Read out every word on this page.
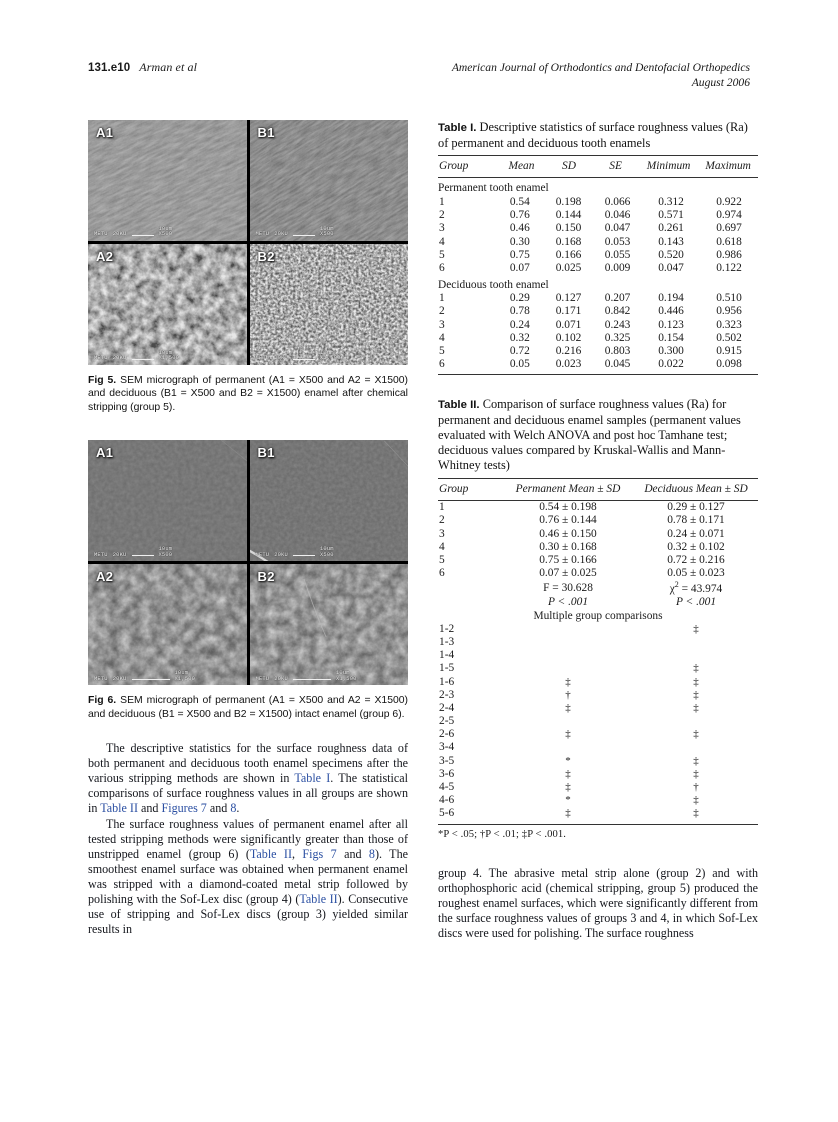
131.e10 Arman et al	American Journal of Orthodontics and Dentofacial Orthopedics
August 2006
A1
METU 20KU
10um
X500
B1
METU 20KU
10um
X500
A2
METU 20KU
10um
X1,500
B2
METU 20KU
10um
X1,500
Fig 5. SEM micrograph of permanent (A1 = X500 and A2 = X1500) and deciduous (B1 = X500 and B2 = X1500) enamel after chemical stripping (group 5).
A1
METU 20KU
10um
X500
B1
METU 20KU
10um
X500
A2
METU 20KU
10um
X1,500
B2
METU 20KU
10um
X1,500
Fig 6. SEM micrograph of permanent (A1 = X500 and A2 = X1500) and deciduous (B1 = X500 and B2 = X1500) intact enamel (group 6).

The descriptive statistics for the surface roughness data of both permanent and deciduous tooth enamel specimens after the various stripping methods are shown in Table I. The statistical comparisons of surface roughness values in all groups are shown in Table II and Figures 7 and 8.

The surface roughness values of permanent enamel after all tested stripping methods were significantly greater than those of unstripped enamel (group 6) (Table II, Figs 7 and 8). The smoothest enamel surface was obtained when permanent enamel was stripped with a diamond-coated metal strip followed by polishing with the Sof-Lex disc (group 4) (Table II). Consecutive use of stripping and Sof-Lex discs (group 3) yielded similar results in

Table I. Descriptive statistics of surface roughness values (Ra) of permanent and deciduous tooth enamels
Group	Mean	SD	SE	Minimum	Maximum
Permanent tooth enamel					
1	0.54	0.198	0.066	0.312	0.922
2	0.76	0.144	0.046	0.571	0.974
3	0.46	0.150	0.047	0.261	0.697
4	0.30	0.168	0.053	0.143	0.618
5	0.75	0.166	0.055	0.520	0.986
6	0.07	0.025	0.009	0.047	0.122
Deciduous tooth enamel					
1	0.29	0.127	0.207	0.194	0.510
2	0.78	0.171	0.842	0.446	0.956
3	0.24	0.071	0.243	0.123	0.323
4	0.32	0.102	0.325	0.154	0.502
5	0.72	0.216	0.803	0.300	0.915
6	0.05	0.023	0.045	0.022	0.098
Table II. Comparison of surface roughness values (Ra) for permanent and deciduous enamel samples (permanent values evaluated with Welch ANOVA and post hoc Tamhane test; deciduous values compared by Kruskal-Wallis and Mann-Whitney tests)
Group	Permanent Mean ± SD	Deciduous Mean ± SD
1	0.54 ± 0.198	0.29 ± 0.127
2	0.76 ± 0.144	0.78 ± 0.171
3	0.46 ± 0.150	0.24 ± 0.071
4	0.30 ± 0.168	0.32 ± 0.102
5	0.75 ± 0.166	0.72 ± 0.216
6	0.07 ± 0.025	0.05 ± 0.023
	F = 30.628	$\chi^2 = 43.974$
	P < .001	P < .001
Multiple group comparisons		
1-2		‡
1-3		
1-4		
1-5		‡
1-6	‡	‡
2-3	†	‡
2-4	‡	‡
2-5		
2-6	‡	‡
3-4		
3-5	*	‡
3-6	‡	‡
4-5	‡	†
4-6	*	‡
5-6	‡	‡
*P < .05; †P < .01; ‡P < .001.

group 4. The abrasive metal strip alone (group 2) and with orthophosphoric acid (chemical stripping, group 5) produced the roughest enamel surfaces, which were significantly different from the surface roughness values of groups 3 and 4, in which Sof-Lex discs were used for polishing. The surface roughness
